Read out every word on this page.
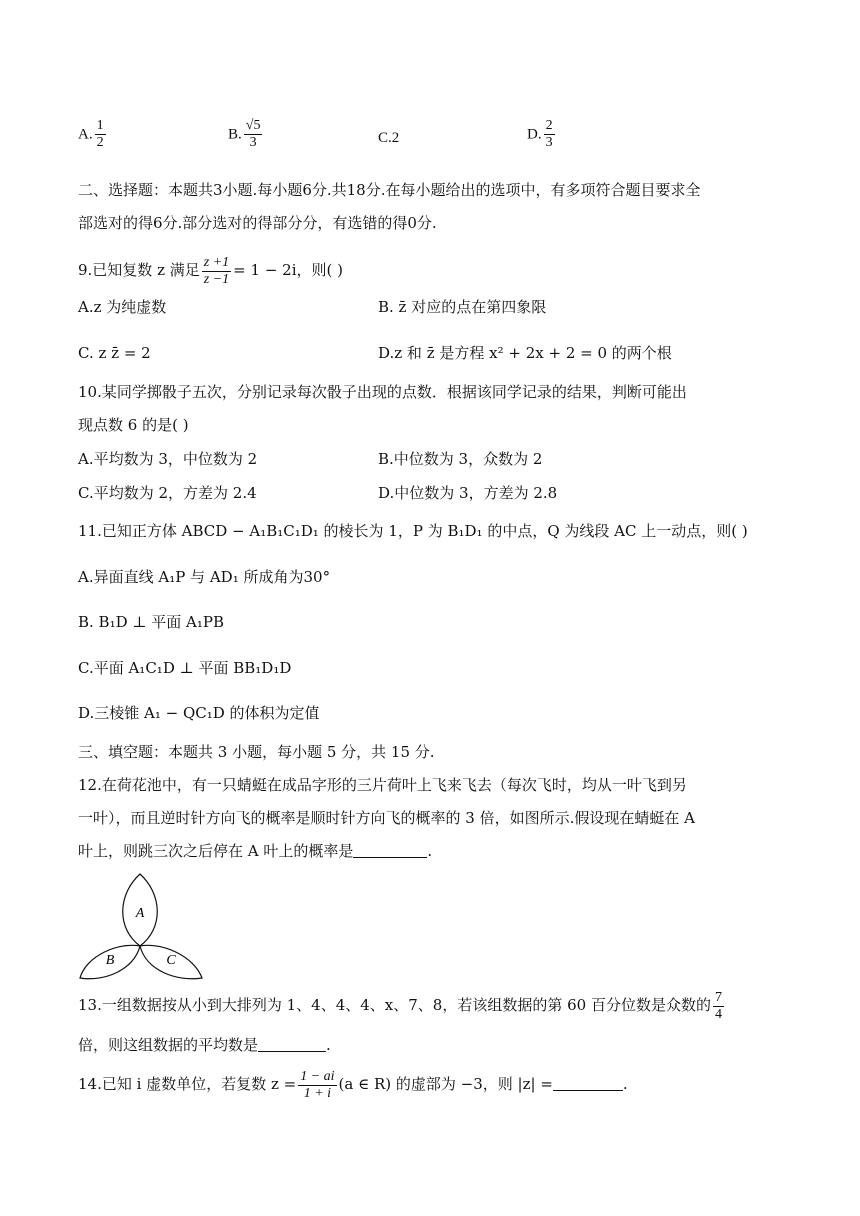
A. $\frac{1}{2}$	B. $\frac{√5}{3}$	C.2	D. $\frac{2}{3}$
二、选择题：本题共3小题.每小题6分.共18分.在每小题给出的选项中，有多项符合题目要求全
部选对的得6分.部分选对的得部分分，有选错的得0分.
9.已知复数 z 满足 $\frac{z +1}{z -1} = 1 - 2i$，则( )
A.z 为纯虚数	B. z̄ 对应的点在第四象限
C. z z̄ = 2	D.z 和 z̄ 是方程 x² + 2x + 2 = 0 的两个根
10.某同学掷骰子五次，分别记录每次骰子出现的点数．根据该同学记录的结果，判断可能出
现点数 6 的是( )
A.平均数为 3，中位数为 2	B.中位数为 3，众数为 2
C.平均数为 2，方差为 2.4	D.中位数为 3，方差为 2.8
11.已知正方体 ABCD − A₁B₁C₁D₁ 的棱长为 1，P 为 B₁D₁ 的中点，Q 为线段 AC 上一动点，则( )
A.异面直线 A₁P 与 AD₁ 所成角为30°
B. B₁D ⊥ 平面 A₁PB
C.平面 A₁C₁D ⊥ 平面 BB₁D₁D
D.三棱锥 A₁ − QC₁D 的体积为定值
三、填空题：本题共 3 小题，每小题 5 分，共 15 分.
12.在荷花池中，有一只蜻蜓在成品字形的三片荷叶上飞来飞去（每次飞时，均从一叶飞到另
一叶），而且逆时针方向飞的概率是顺时针方向飞的概率的 3 倍，如图所示.假设现在蜻蜓在 A
叶上，则跳三次之后停在 A 叶上的概率是	.
A
B	C
13.一组数据按从小到大排列为 1、4、4、4、x、7、8，若该组数据的第 60 百分位数是众数的 $\frac{7}{4}$
倍，则这组数据的平均数是	.
14.已知 i 虚数单位，若复数 $z = \frac{1 - ai}{1 + i} (a$ ∈ R) 的虚部为 −3，则 |z| =	.
